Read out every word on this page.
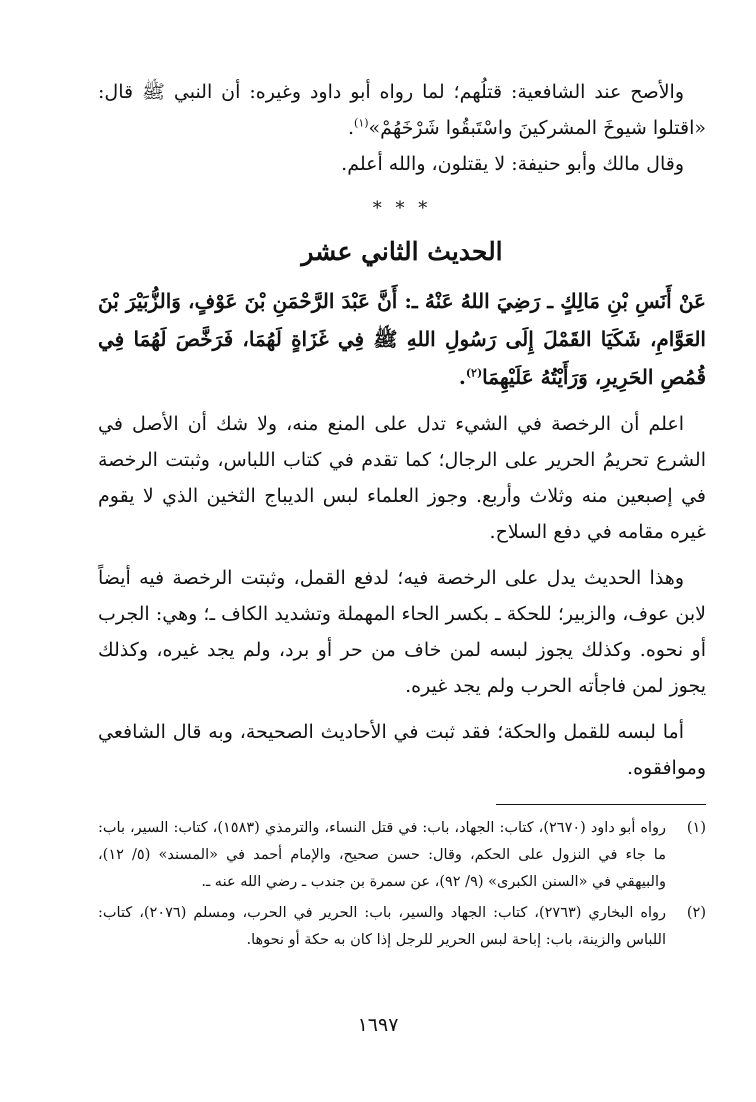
والأصح عند الشافعية: قتلُهم؛ لما رواه أبو داود وغيره: أن النبي ﷺ قال: «اقتلوا شيوخَ المشركينَ واسْتَبقُوا شَرْخَهُمْ»$^{(١)}$.

وقال مالك وأبو حنيفة: لا يقتلون، والله أعلم.

* * *
الحديث الثاني عشر

عَنْ أَنَسِ بْنِ مَالِكٍ ـ رَضِيَ اللهُ عَنْهُ ـ: أَنَّ عَبْدَ الرَّحْمَنِ بْنَ عَوْفٍ، وَالزُّبَيْرَ بْنَ العَوَّامِ، شَكَيَا القَمْلَ إِلَى رَسُولِ اللهِ ﷺ فِي غَزَاةٍ لَهُمَا، فَرَخَّصَ لَهُمَا فِي قُمُصِ الحَرِيرِ، وَرَأَيْتُهُ عَلَيْهِمَا$^{(٢)}$.

اعلم أن الرخصة في الشيء تدل على المنع منه، ولا شك أن الأصل في الشرع تحريمُ الحرير على الرجال؛ كما تقدم في كتاب اللباس، وثبتت الرخصة في إصبعين منه وثلاث وأربع. وجوز العلماء لبس الديباج الثخين الذي لا يقوم غيره مقامه في دفع السلاح.

وهذا الحديث يدل على الرخصة فيه؛ لدفع القمل، وثبتت الرخصة فيه أيضاً لابن عوف، والزبير؛ للحكة ـ بكسر الحاء المهملة وتشديد الكاف ـ؛ وهي: الجرب أو نحوه. وكذلك يجوز لبسه لمن خاف من حر أو برد، ولم يجد غيره، وكذلك يجوز لمن فاجأته الحرب ولم يجد غيره.

أما لبسه للقمل والحكة؛ فقد ثبت في الأحاديث الصحيحة، وبه قال الشافعي وموافقوه.

(١)
رواه أبو داود (٢٦٧٠)، كتاب: الجهاد، باب: في قتل النساء، والترمذي (١٥٨٣)، كتاب: السير، باب: ما جاء في النزول على الحكم، وقال: حسن صحيح، والإمام أحمد في «المسند» (٥/ ١٢)، والبيهقي في «السنن الكبرى» (٩/ ٩٢)، عن سمرة بن جندب ـ رضي الله عنه ـ.
(٢)
رواه البخاري (٢٧٦٣)، كتاب: الجهاد والسير، باب: الحرير في الحرب، ومسلم (٢٠٧٦)، كتاب: اللباس والزينة، باب: إباحة لبس الحرير للرجل إذا كان به حكة أو نحوها.
١٦٩٧
